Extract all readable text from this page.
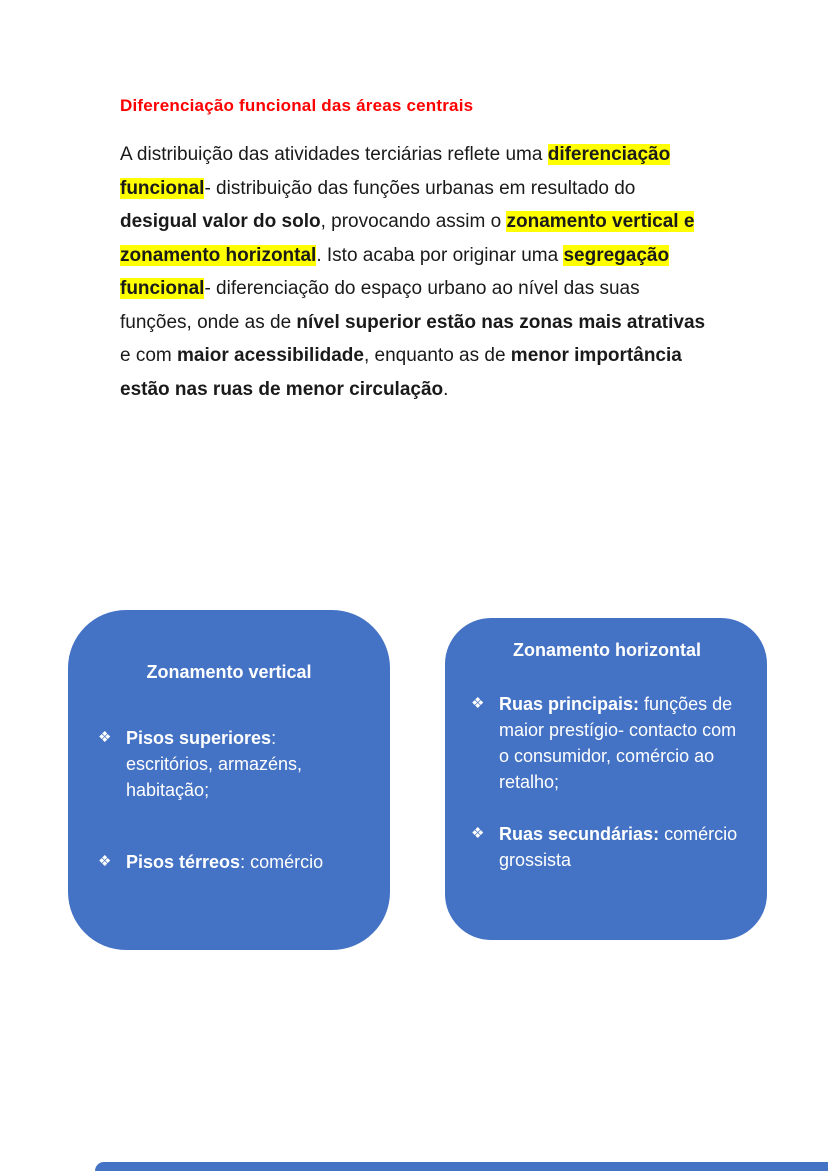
Diferenciação funcional das áreas centrais

A distribuição das atividades terciárias reflete uma diferenciação funcional- distribuição das funções urbanas em resultado do desigual valor do solo, provocando assim o zonamento vertical e zonamento horizontal. Isto acaba por originar uma segregação funcional- diferenciação do espaço urbano ao nível das suas funções, onde as de nível superior estão nas zonas mais atrativas e com maior acessibilidade, enquanto as de menor importância estão nas ruas de menor circulação.

Zonamento vertical
❖ Pisos superiores: escritórios, armazéns, habitação;
❖ Pisos térreos: comércio
Zonamento horizontal
❖ Ruas principais: funções de maior prestígio- contacto com o consumidor, comércio ao retalho;
❖ Ruas secundárias: comércio grossista
